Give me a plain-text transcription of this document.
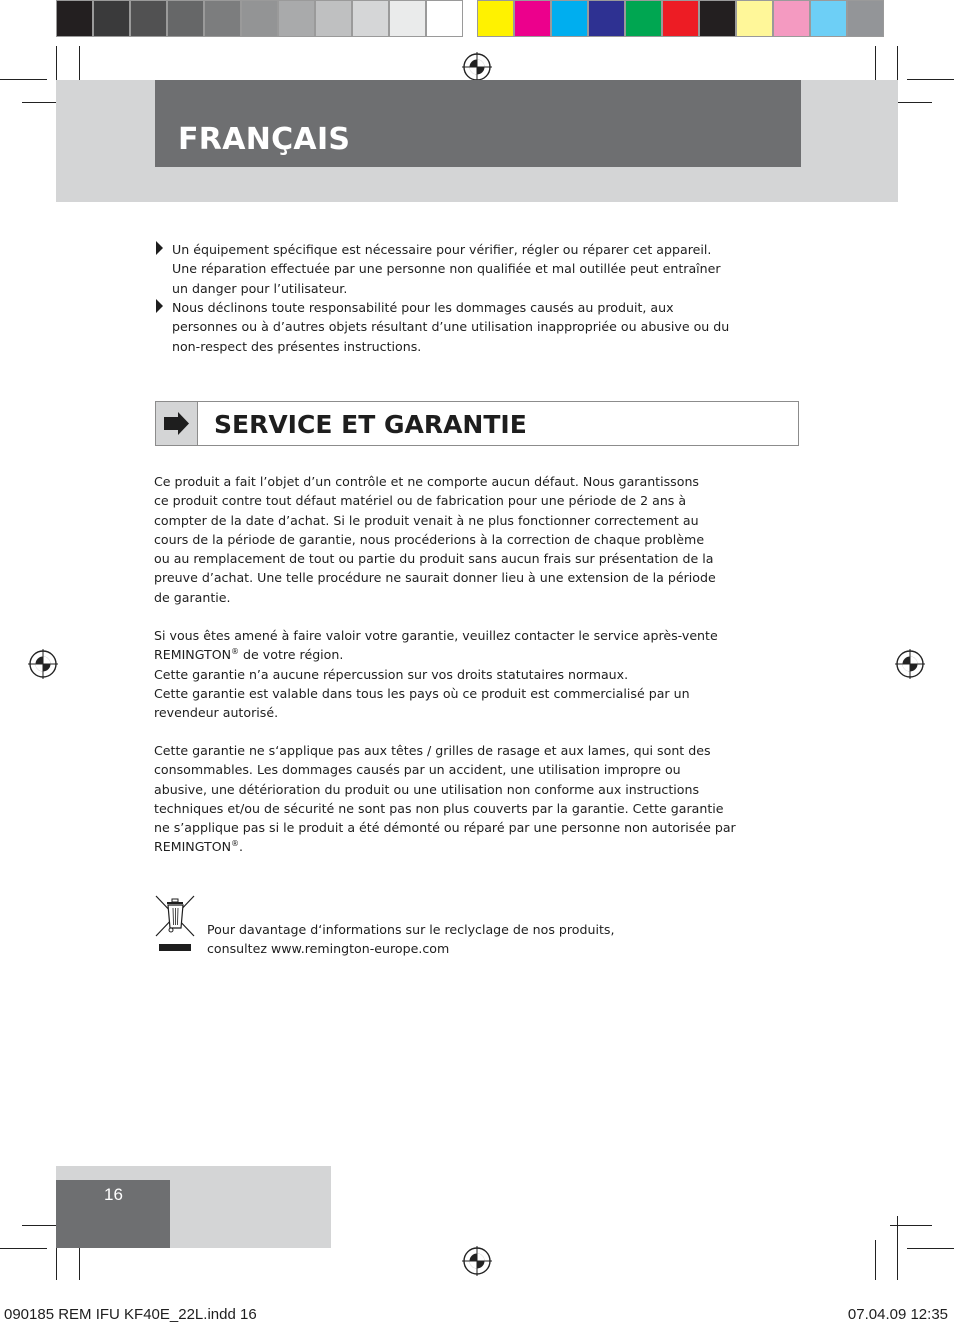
FRANÇAIS

Un équipement spécifique est nécessaire pour vérifier, régler ou réparer cet appareil.

Une réparation effectuée par une personne non qualifiée et mal outillée peut entraîner

un danger pour l’utilisateur.

Nous déclinons toute responsabilité pour les dommages causés au produit, aux

personnes ou à d’autres objets résultant d’une utilisation inappropriée ou abusive ou du

non-respect des présentes instructions.

SERVICE ET GARANTIE

Ce produit a fait l’objet d’un contrôle et ne comporte aucun défaut. Nous garantissons

ce produit contre tout défaut matériel ou de fabrication pour une période de 2 ans à

compter de la date d’achat. Si le produit venait à ne plus fonctionner correctement au

cours de la période de garantie, nous procéderions à la correction de chaque problème

ou au remplacement de tout ou partie du produit sans aucun frais sur présentation de la

preuve d’achat. Une telle procédure ne saurait donner lieu à une extension de la période

de garantie.

Si vous êtes amené à faire valoir votre garantie, veuillez contacter le service après-vente

REMINGTON® de votre région.

Cette garantie n’a aucune répercussion sur vos droits statutaires normaux.

Cette garantie est valable dans tous les pays où ce produit est commercialisé par un

revendeur autorisé.

Cette garantie ne s‘applique pas aux têtes / grilles de rasage et aux lames, qui sont des

consommables. Les dommages causés par un accident, une utilisation impropre ou

abusive, une détérioration du produit ou une utilisation non conforme aux instructions

techniques et/ou de sécurité ne sont pas non plus couverts par la garantie. Cette garantie

ne s’applique pas si le produit a été démonté ou réparé par une personne non autorisée par

REMINGTON®.

Pour davantage d‘informations sur le reclyclage de nos produits,

consultez www.remington-europe.com

16

090185 REM IFU KF40E_22L.indd 16	07.04.09 12:35
